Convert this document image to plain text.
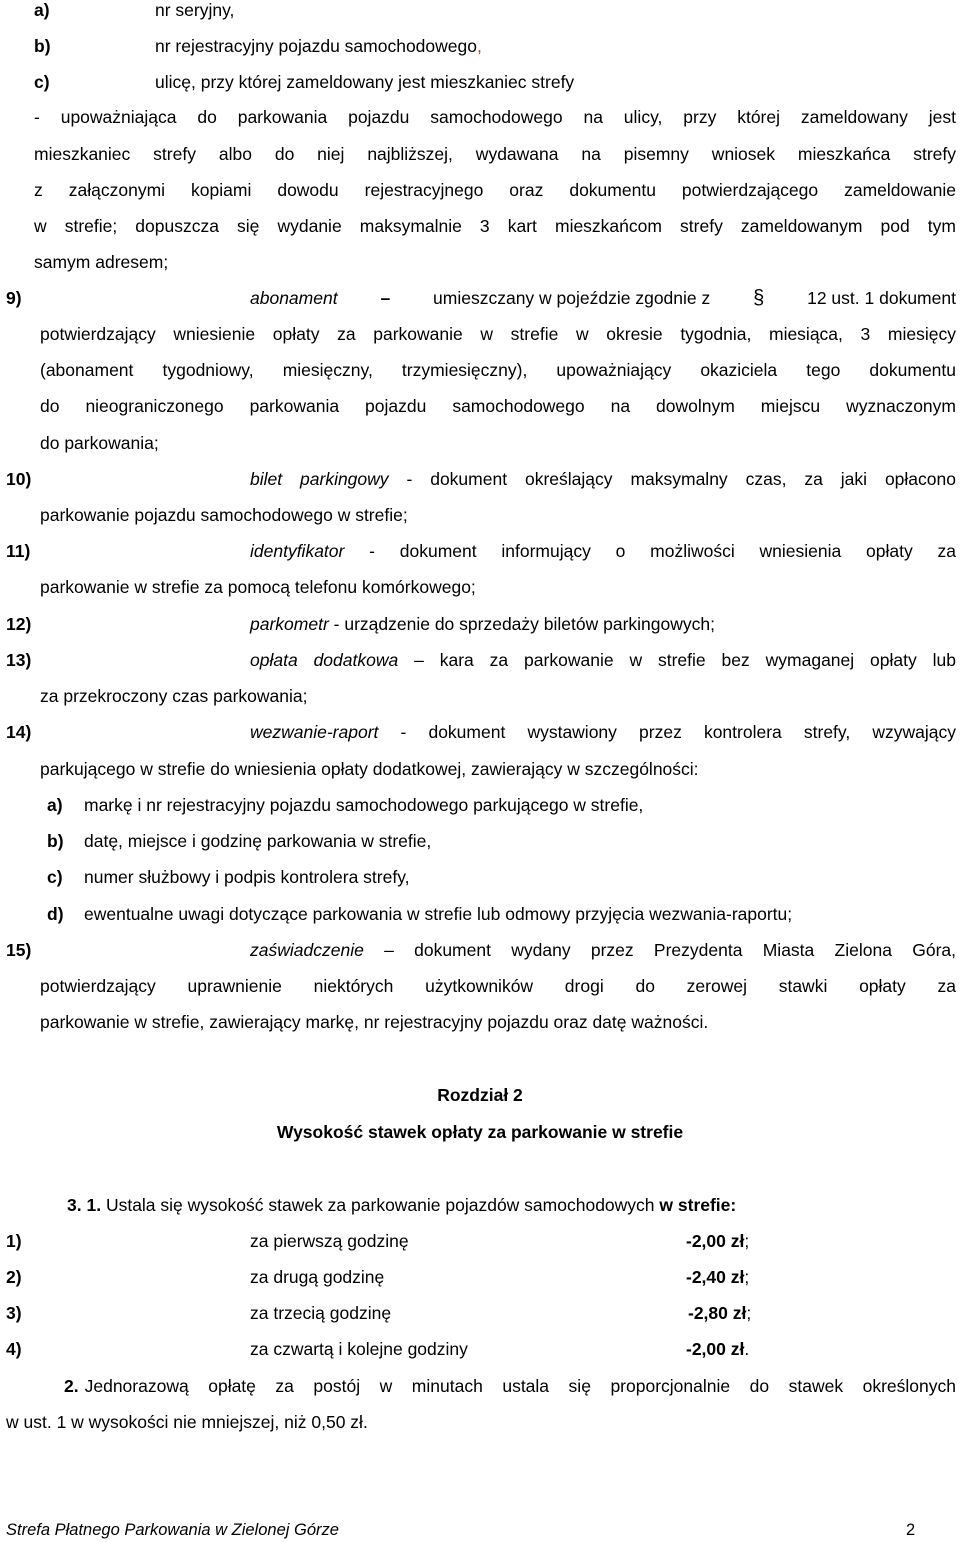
a)	nr seryjny,
b)	nr rejestracyjny pojazdu samochodowego,
c)	ulicę, przy której zameldowany jest mieszkaniec strefy
- upoważniająca do parkowania pojazdu samochodowego na ulicy, przy której zameldowany jest
mieszkaniec strefy albo do niej najbliższej, wydawana na pisemny wniosek mieszkańca strefy
z załączonymi kopiami dowodu rejestracyjnego oraz dokumentu potwierdzającego zameldowanie
w strefie; dopuszcza się wydanie maksymalnie 3 kart mieszkańcom strefy zameldowanym pod tym
samym adresem;
9)	abonament – umieszczany w pojeździe zgodnie z § 12 ust. 1 dokument
potwierdzający wniesienie opłaty za parkowanie w strefie w okresie tygodnia, miesiąca, 3 miesięcy
(abonament tygodniowy, miesięczny, trzymiesięczny), upoważniający okaziciela tego dokumentu
do nieograniczonego parkowania pojazdu samochodowego na dowolnym miejscu wyznaczonym
do parkowania;
10)	bilet parkingowy - dokument określający maksymalny czas, za jaki opłacono
parkowanie pojazdu samochodowego w strefie;
11)	identyfikator - dokument informujący o możliwości wniesienia opłaty za
parkowanie w strefie za pomocą telefonu komórkowego;
12)	parkometr - urządzenie do sprzedaży biletów parkingowych;
13)	opłata dodatkowa – kara za parkowanie w strefie bez wymaganej opłaty lub
za przekroczony czas parkowania;
14)	wezwanie-raport - dokument wystawiony przez kontrolera strefy, wzywający
parkującego w strefie do wniesienia opłaty dodatkowej, zawierający w szczególności:
a) markę i nr rejestracyjny pojazdu samochodowego parkującego w strefie,
b) datę, miejsce i godzinę parkowania w strefie,
c) numer służbowy i podpis kontrolera strefy,
d) ewentualne uwagi dotyczące parkowania w strefie lub odmowy przyjęcia wezwania-raportu;
15)	zaświadczenie – dokument wydany przez Prezydenta Miasta Zielona Góra,
potwierdzający uprawnienie niektórych użytkowników drogi do zerowej stawki opłaty za
parkowanie w strefie, zawierający markę, nr rejestracyjny pojazdu oraz datę ważności.
Rozdział 2
Wysokość stawek opłaty za parkowanie w strefie
3. 1. Ustala się wysokość stawek za parkowanie pojazdów samochodowych w strefie:
1)	za pierwszą godzinę	-2,00 zł;
2)	za drugą godzinę	-2,40 zł;
3)	za trzecią godzinę	-2,80 zł;
4)	za czwartą i kolejne godziny	-2,00 zł.
2. Jednorazową opłatę za postój w minutach ustala się proporcjonalnie do stawek określonych
w ust. 1 w wysokości nie mniejszej, niż 0,50 zł.
Strefa Płatnego Parkowania w Zielonej Górze	2
